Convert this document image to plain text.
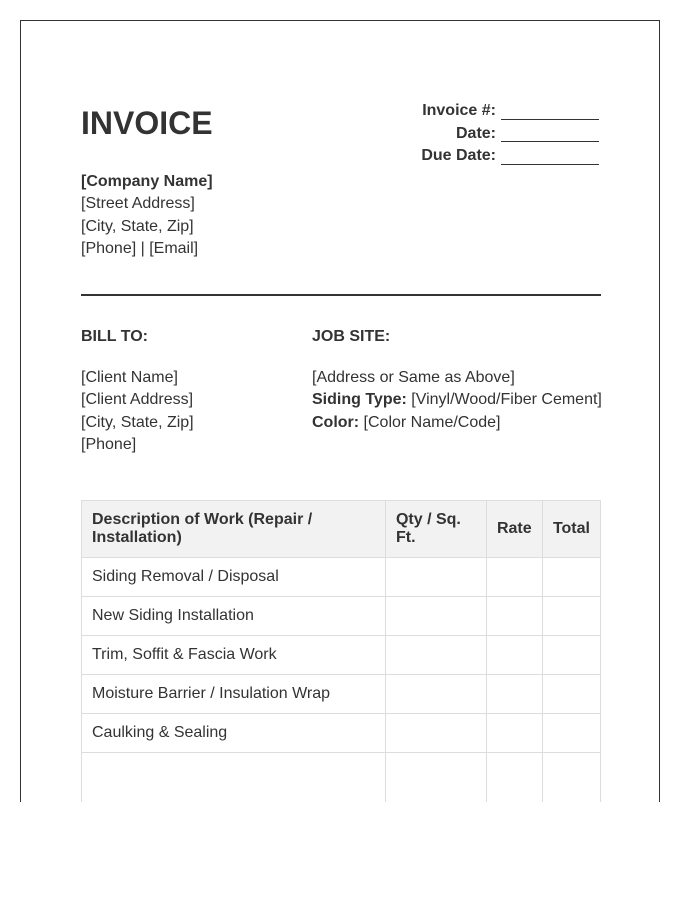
INVOICE	Invoice #:
Date:
Due Date:
[Company Name]
[Street Address]
[City, State, Zip]
[Phone] | [Email]
BILL TO:	JOB SITE:
[Client Name]
[Client Address]
[City, State, Zip]
[Phone]
[Address or Same as Above]
Siding Type: [Vinyl/Wood/Fiber Cement]
Color: [Color Name/Code]
Description of Work (Repair / Installation)	Qty / Sq. Ft.	Rate	Total
Siding Removal / Disposal			
New Siding Installation			
Trim, Soffit & Fascia Work			
Moisture Barrier / Insulation Wrap			
Caulking & Sealing			
